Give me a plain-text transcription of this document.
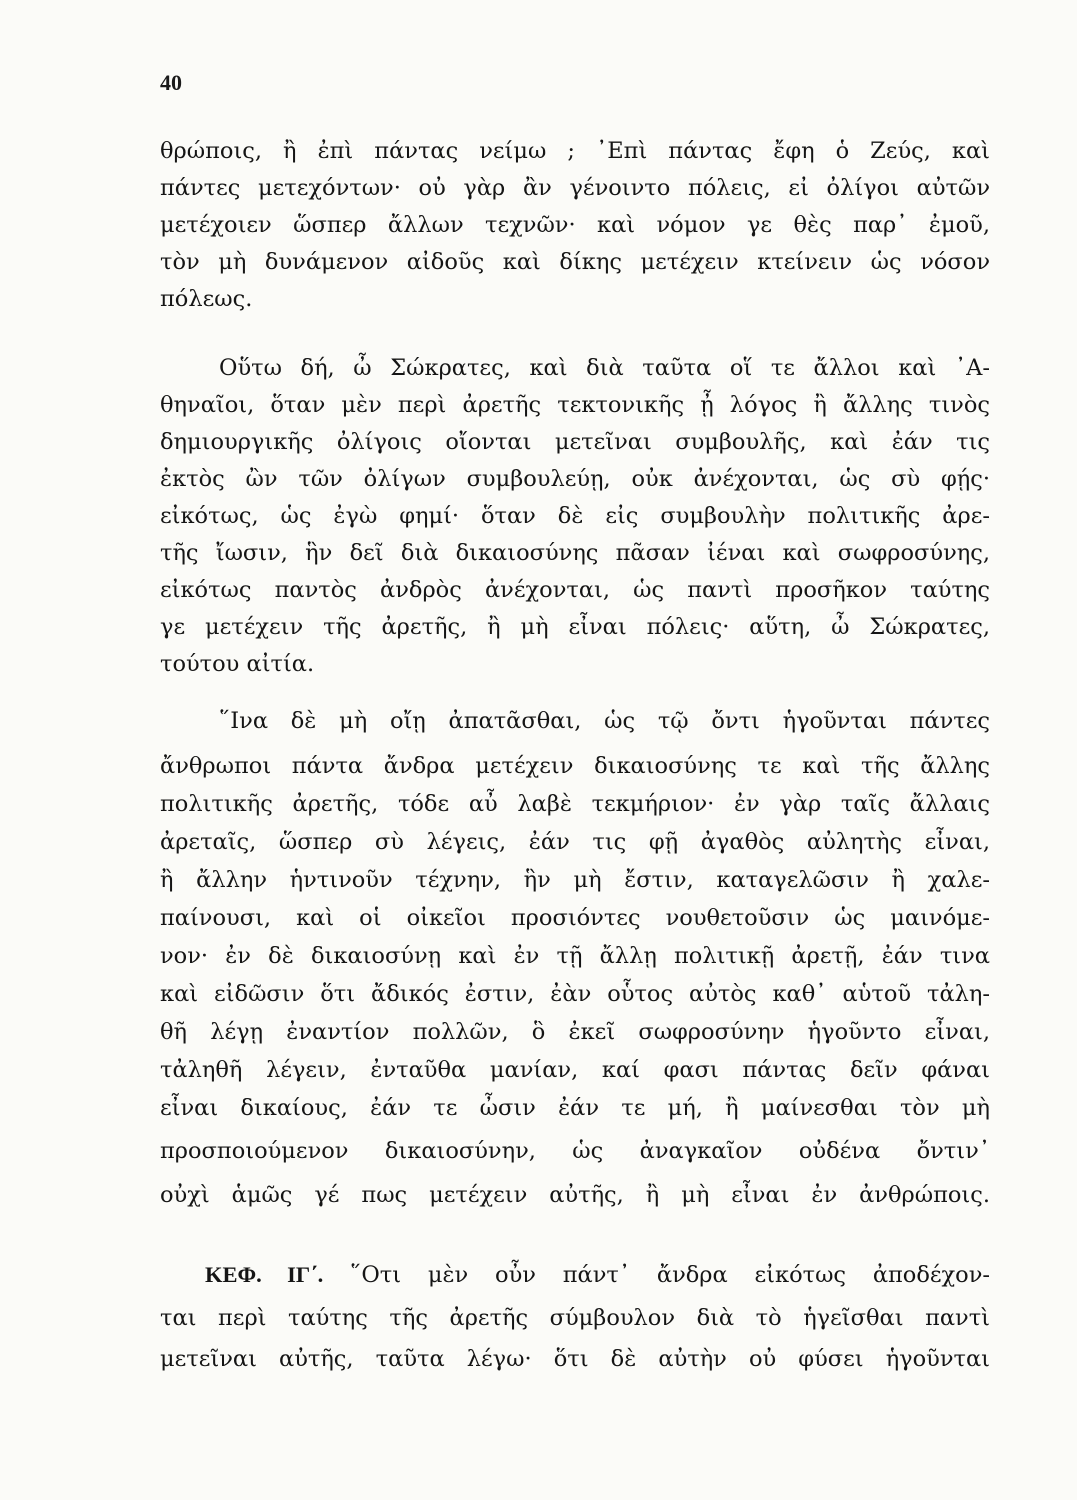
40
θρώποις, ἢ ἐπὶ πάντας νείμω ; ᾿Επὶ πάντας ἔφη ὁ Ζεύς, καὶ
πάντες μετεχόντων· οὐ γὰρ ἂν γένοιντο πόλεις, εἰ ὀλίγοι αὐτῶν
μετέχοιεν ὥσπερ ἄλλων τεχνῶν· καὶ νόμον γε θὲς παρ᾽ ἐμοῦ,
τὸν μὴ δυνάμενον αἰδοῦς καὶ δίκης μετέχειν κτείνειν ὡς νόσον
πόλεως.
Οὕτω δή, ὦ Σώκρατες, καὶ διὰ ταῦτα οἵ τε ἄλλοι καὶ ᾿Α-
θηναῖοι, ὅταν μὲν περὶ ἀρετῆς τεκτονικῆς ᾖ λόγος ἢ ἄλλης τινὸς
δημιουργικῆς ὀλίγοις οἴονται μετεῖναι συμβουλῆς, καὶ ἐάν τις
ἐκτὸς ὢν τῶν ὀλίγων συμβουλεύῃ, οὐκ ἀνέχονται, ὡς σὺ φῄς·
εἰκότως, ὡς ἐγὼ φημί· ὅταν δὲ εἰς συμβουλὴν πολιτικῆς ἀρε-
τῆς ἴωσιν, ἣν δεῖ διὰ δικαιοσύνης πᾶσαν ἰέναι καὶ σωφροσύνης,
εἰκότως παντὸς ἀνδρὸς ἀνέχονται, ὡς παντὶ προσῆκον ταύτης
γε μετέχειν τῆς ἀρετῆς, ἢ μὴ εἶναι πόλεις· αὕτη, ὦ Σώκρατες,
τούτου αἰτία.
῞Ινα δὲ μὴ οἴῃ ἀπατᾶσθαι, ὡς τῷ ὄντι ἡγοῦνται πάντες
ἄνθρωποι πάντα ἄνδρα μετέχειν δικαιοσύνης τε καὶ τῆς ἄλλης
πολιτικῆς ἀρετῆς, τόδε αὖ λαβὲ τεκμήριον· ἐν γὰρ ταῖς ἄλλαις
ἀρεταῖς, ὥσπερ σὺ λέγεις, ἐάν τις φῇ ἀγαθὸς αὐλητὴς εἶναι,
ἢ ἄλλην ἡντινοῦν τέχνην, ἣν μὴ ἔστιν, καταγελῶσιν ἢ χαλε-
παίνουσι, καὶ οἱ οἰκεῖοι προσιόντες νουθετοῦσιν ὡς μαινόμε-
νον· ἐν δὲ δικαιοσύνῃ καὶ ἐν τῇ ἄλλῃ πολιτικῇ ἀρετῇ, ἐάν τινα
καὶ εἰδῶσιν ὅτι ἄδικός ἐστιν, ἐὰν οὗτος αὐτὸς καθ᾽ αὑτοῦ τἀλη-
θῆ λέγῃ ἐναντίον πολλῶν, ὃ ἐκεῖ σωφροσύνην ἡγοῦντο εἶναι,
τἀληθῆ λέγειν, ἐνταῦθα μανίαν, καί φασι πάντας δεῖν φάναι
εἶναι δικαίους, ἐάν τε ὦσιν ἐάν τε μή, ἢ μαίνεσθαι τὸν μὴ
προσποιούμενον δικαιοσύνην, ὡς ἀναγκαῖον οὐδένα ὄντιν᾽
οὐχὶ ἁμῶς γέ πως μετέχειν αὐτῆς, ἢ μὴ εἶναι ἐν ἀνθρώποις.
ΚΕΦ. ΙΓ΄. ῞Οτι μὲν οὖν πάντ᾽ ἄνδρα εἰκότως ἀποδέχον-
ται περὶ ταύτης τῆς ἀρετῆς σύμβουλον διὰ τὸ ἡγεῖσθαι παντὶ
μετεῖναι αὐτῆς, ταῦτα λέγω· ὅτι δὲ αὐτὴν οὐ φύσει ἡγοῦνται
